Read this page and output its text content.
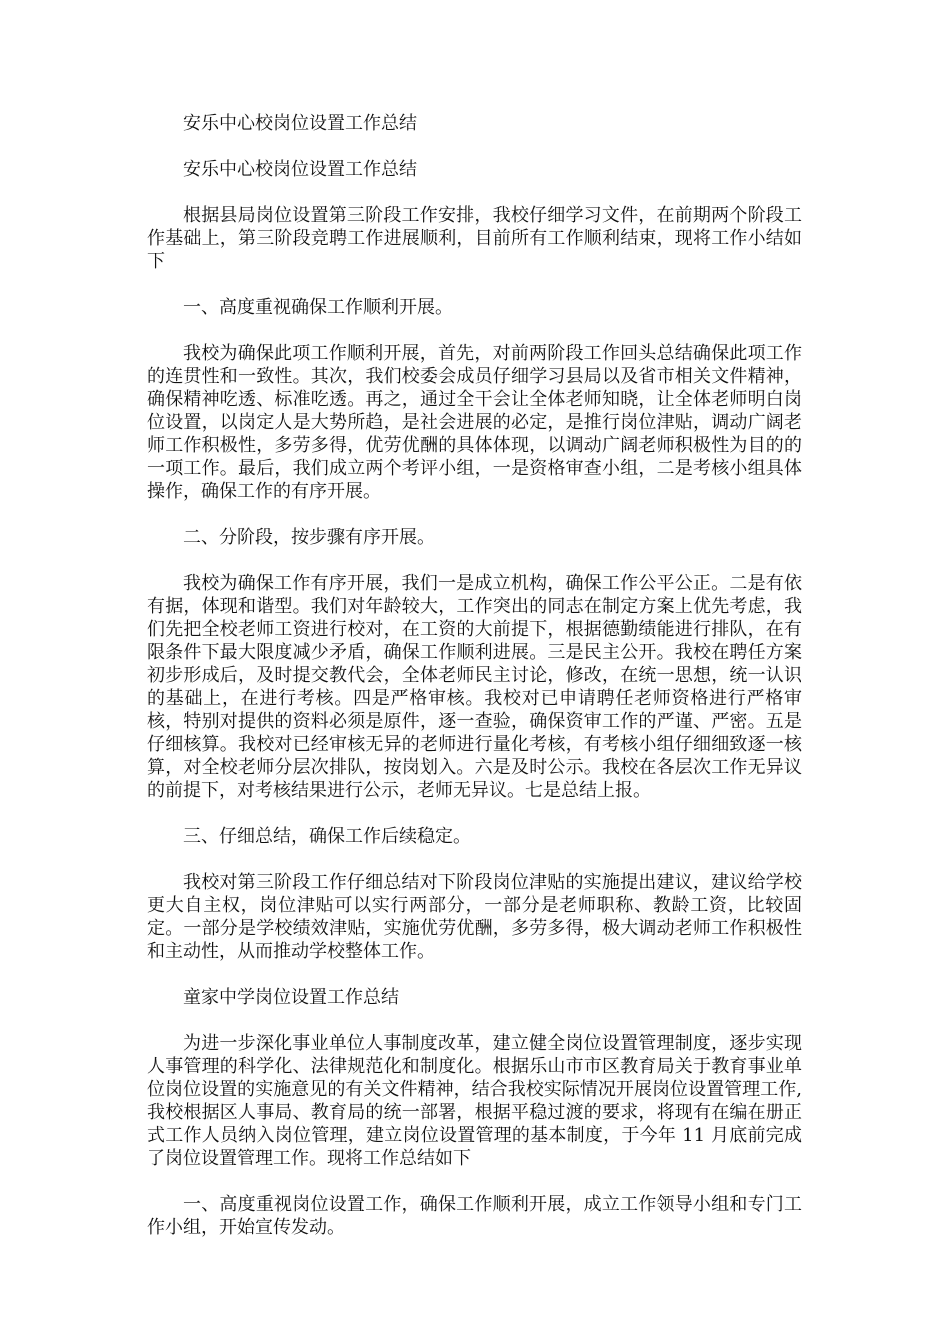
安乐中心校岗位设置工作总结

安乐中心校岗位设置工作总结

根据县局岗位设置第三阶段工作安排，我校仔细学习文件，在前期两个阶段工作基础上，第三阶段竞聘工作进展顺利，目前所有工作顺利结束，现将工作小结如下

一、高度重视确保工作顺利开展。

我校为确保此项工作顺利开展，首先，对前两阶段工作回头总结确保此项工作的连贯性和一致性。其次，我们校委会成员仔细学习县局以及省市相关文件精神，确保精神吃透、标准吃透。再之，通过全干会让全体老师知晓，让全体老师明白岗位设置，以岗定人是大势所趋，是社会进展的必定，是推行岗位津贴，调动广阔老师工作积极性，多劳多得，优劳优酬的具体体现，以调动广阔老师积极性为目的的一项工作。最后，我们成立两个考评小组，一是资格审查小组，二是考核小组具体操作，确保工作的有序开展。

二、分阶段，按步骤有序开展。

我校为确保工作有序开展，我们一是成立机构，确保工作公平公正。二是有依有据，体现和谐型。我们对年龄较大，工作突出的同志在制定方案上优先考虑，我们先把全校老师工资进行校对，在工资的大前提下，根据德勤绩能进行排队，在有限条件下最大限度减少矛盾，确保工作顺利进展。三是民主公开。我校在聘任方案初步形成后，及时提交教代会，全体老师民主讨论，修改，在统一思想，统一认识的基础上，在进行考核。四是严格审核。我校对已申请聘任老师资格进行严格审核，特别对提供的资料必须是原件，逐一查验，确保资审工作的严谨、严密。五是仔细核算。我校对已经审核无异的老师进行量化考核，有考核小组仔细细致逐一核算，对全校老师分层次排队，按岗划入。六是及时公示。我校在各层次工作无异议的前提下，对考核结果进行公示，老师无异议。七是总结上报。

三、仔细总结，确保工作后续稳定。

我校对第三阶段工作仔细总结对下阶段岗位津贴的实施提出建议，建议给学校更大自主权，岗位津贴可以实行两部分，一部分是老师职称、教龄工资，比较固定。一部分是学校绩效津贴，实施优劳优酬，多劳多得，极大调动老师工作积极性和主动性，从而推动学校整体工作。

童家中学岗位设置工作总结

为进一步深化事业单位人事制度改革，建立健全岗位设置管理制度，逐步实现人事管理的科学化、法律规范化和制度化。根据乐山市市区教育局关于教育事业单位岗位设置的实施意见的有关文件精神，结合我校实际情况开展岗位设置管理工作,我校根据区人事局、教育局的统一部署，根据平稳过渡的要求，将现有在编在册正式工作人员纳入岗位管理，建立岗位设置管理的基本制度，于今年 11 月底前完成了岗位设置管理工作。现将工作总结如下

一、高度重视岗位设置工作，确保工作顺利开展，成立工作领导小组和专门工作小组，开始宣传发动。
